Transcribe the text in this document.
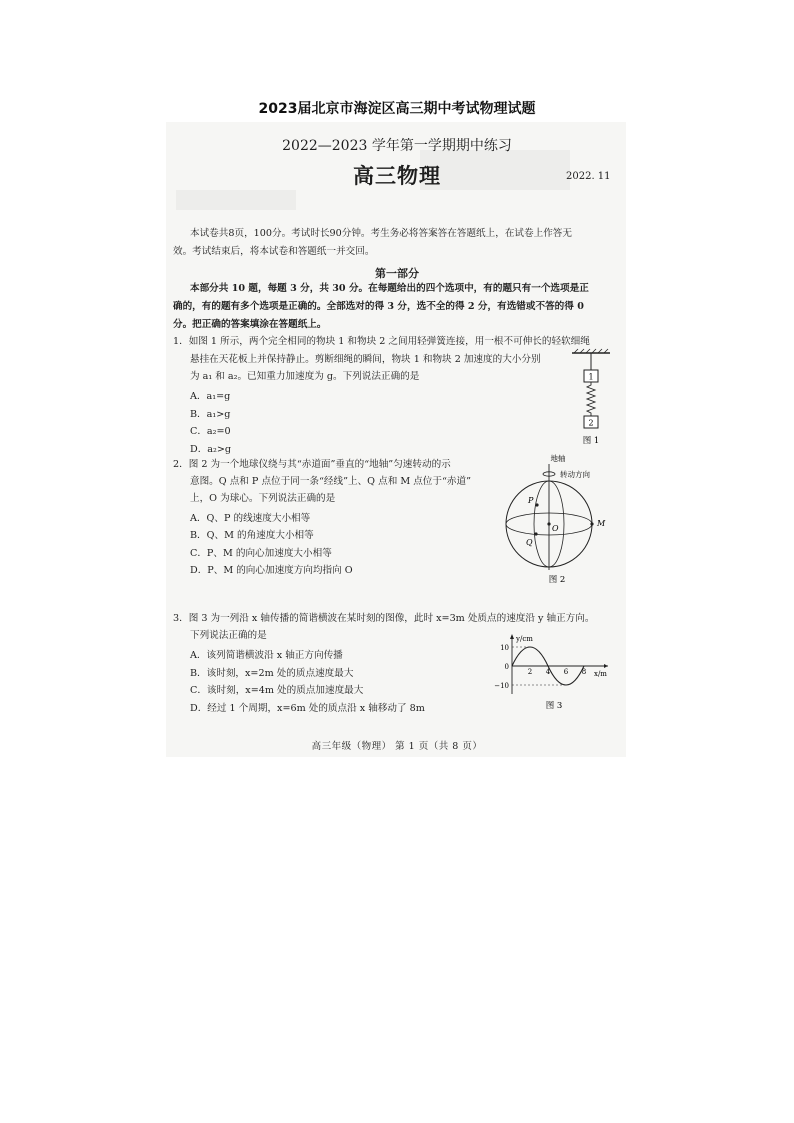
2023届北京市海淀区高三期中考试物理试题
2022—2023 学年第一学期期中练习
高三物理	2022. 11
本试卷共8页，100分。考试时长90分钟。考生务必将答案答在答题纸上，在试卷上作答无
效。考试结束后，将本试卷和答题纸一并交回。
第一部分
本部分共 10 题，每题 3 分，共 30 分。在每题给出的四个选项中，有的题只有一个选项是正
确的，有的题有多个选项是正确的。全部选对的得 3 分，选不全的得 2 分，有选错或不答的得 0
分。把正确的答案填涂在答题纸上。
1．如图 1 所示，两个完全相同的物块 1 和物块 2 之间用轻弹簧连接，用一根不可伸长的轻软细绳
悬挂在天花板上并保持静止。剪断细绳的瞬间，物块 1 和物块 2 加速度的大小分别
为 a₁ 和 a₂。已知重力加速度为 g。下列说法正确的是
A．a₁=g
B．a₁>g
C．a₂=0
D．a₂>g
1
2
图 1
2．图 2 为一个地球仪绕与其“赤道面”垂直的“地轴”匀速转动的示
意图。Q 点和 P 点位于同一条“经线”上、Q 点和 M 点位于“赤道”
上，O 为球心。下列说法正确的是
A．Q、P 的线速度大小相等
B．Q、M 的角速度大小相等
C．P、M 的向心加速度大小相等
D．P、M 的向心加速度方向均指向 O
地轴
转动方向
O
P
Q
M
图 2
3．图 3 为一列沿 x 轴传播的简谐横波在某时刻的图像，此时 x=3m 处质点的速度沿 y 轴正方向。
下列说法正确的是
A．该列简谐横波沿 x 轴正方向传播
B．该时刻，x=2m 处的质点速度最大
C．该时刻，x=4m 处的质点加速度最大
D．经过 1 个周期，x=6m 处的质点沿 x 轴移动了 8m
y/cm
x/m
10
0
−10
2 4 6 8
图 3
高三年级（物理） 第 1 页（共 8 页）
